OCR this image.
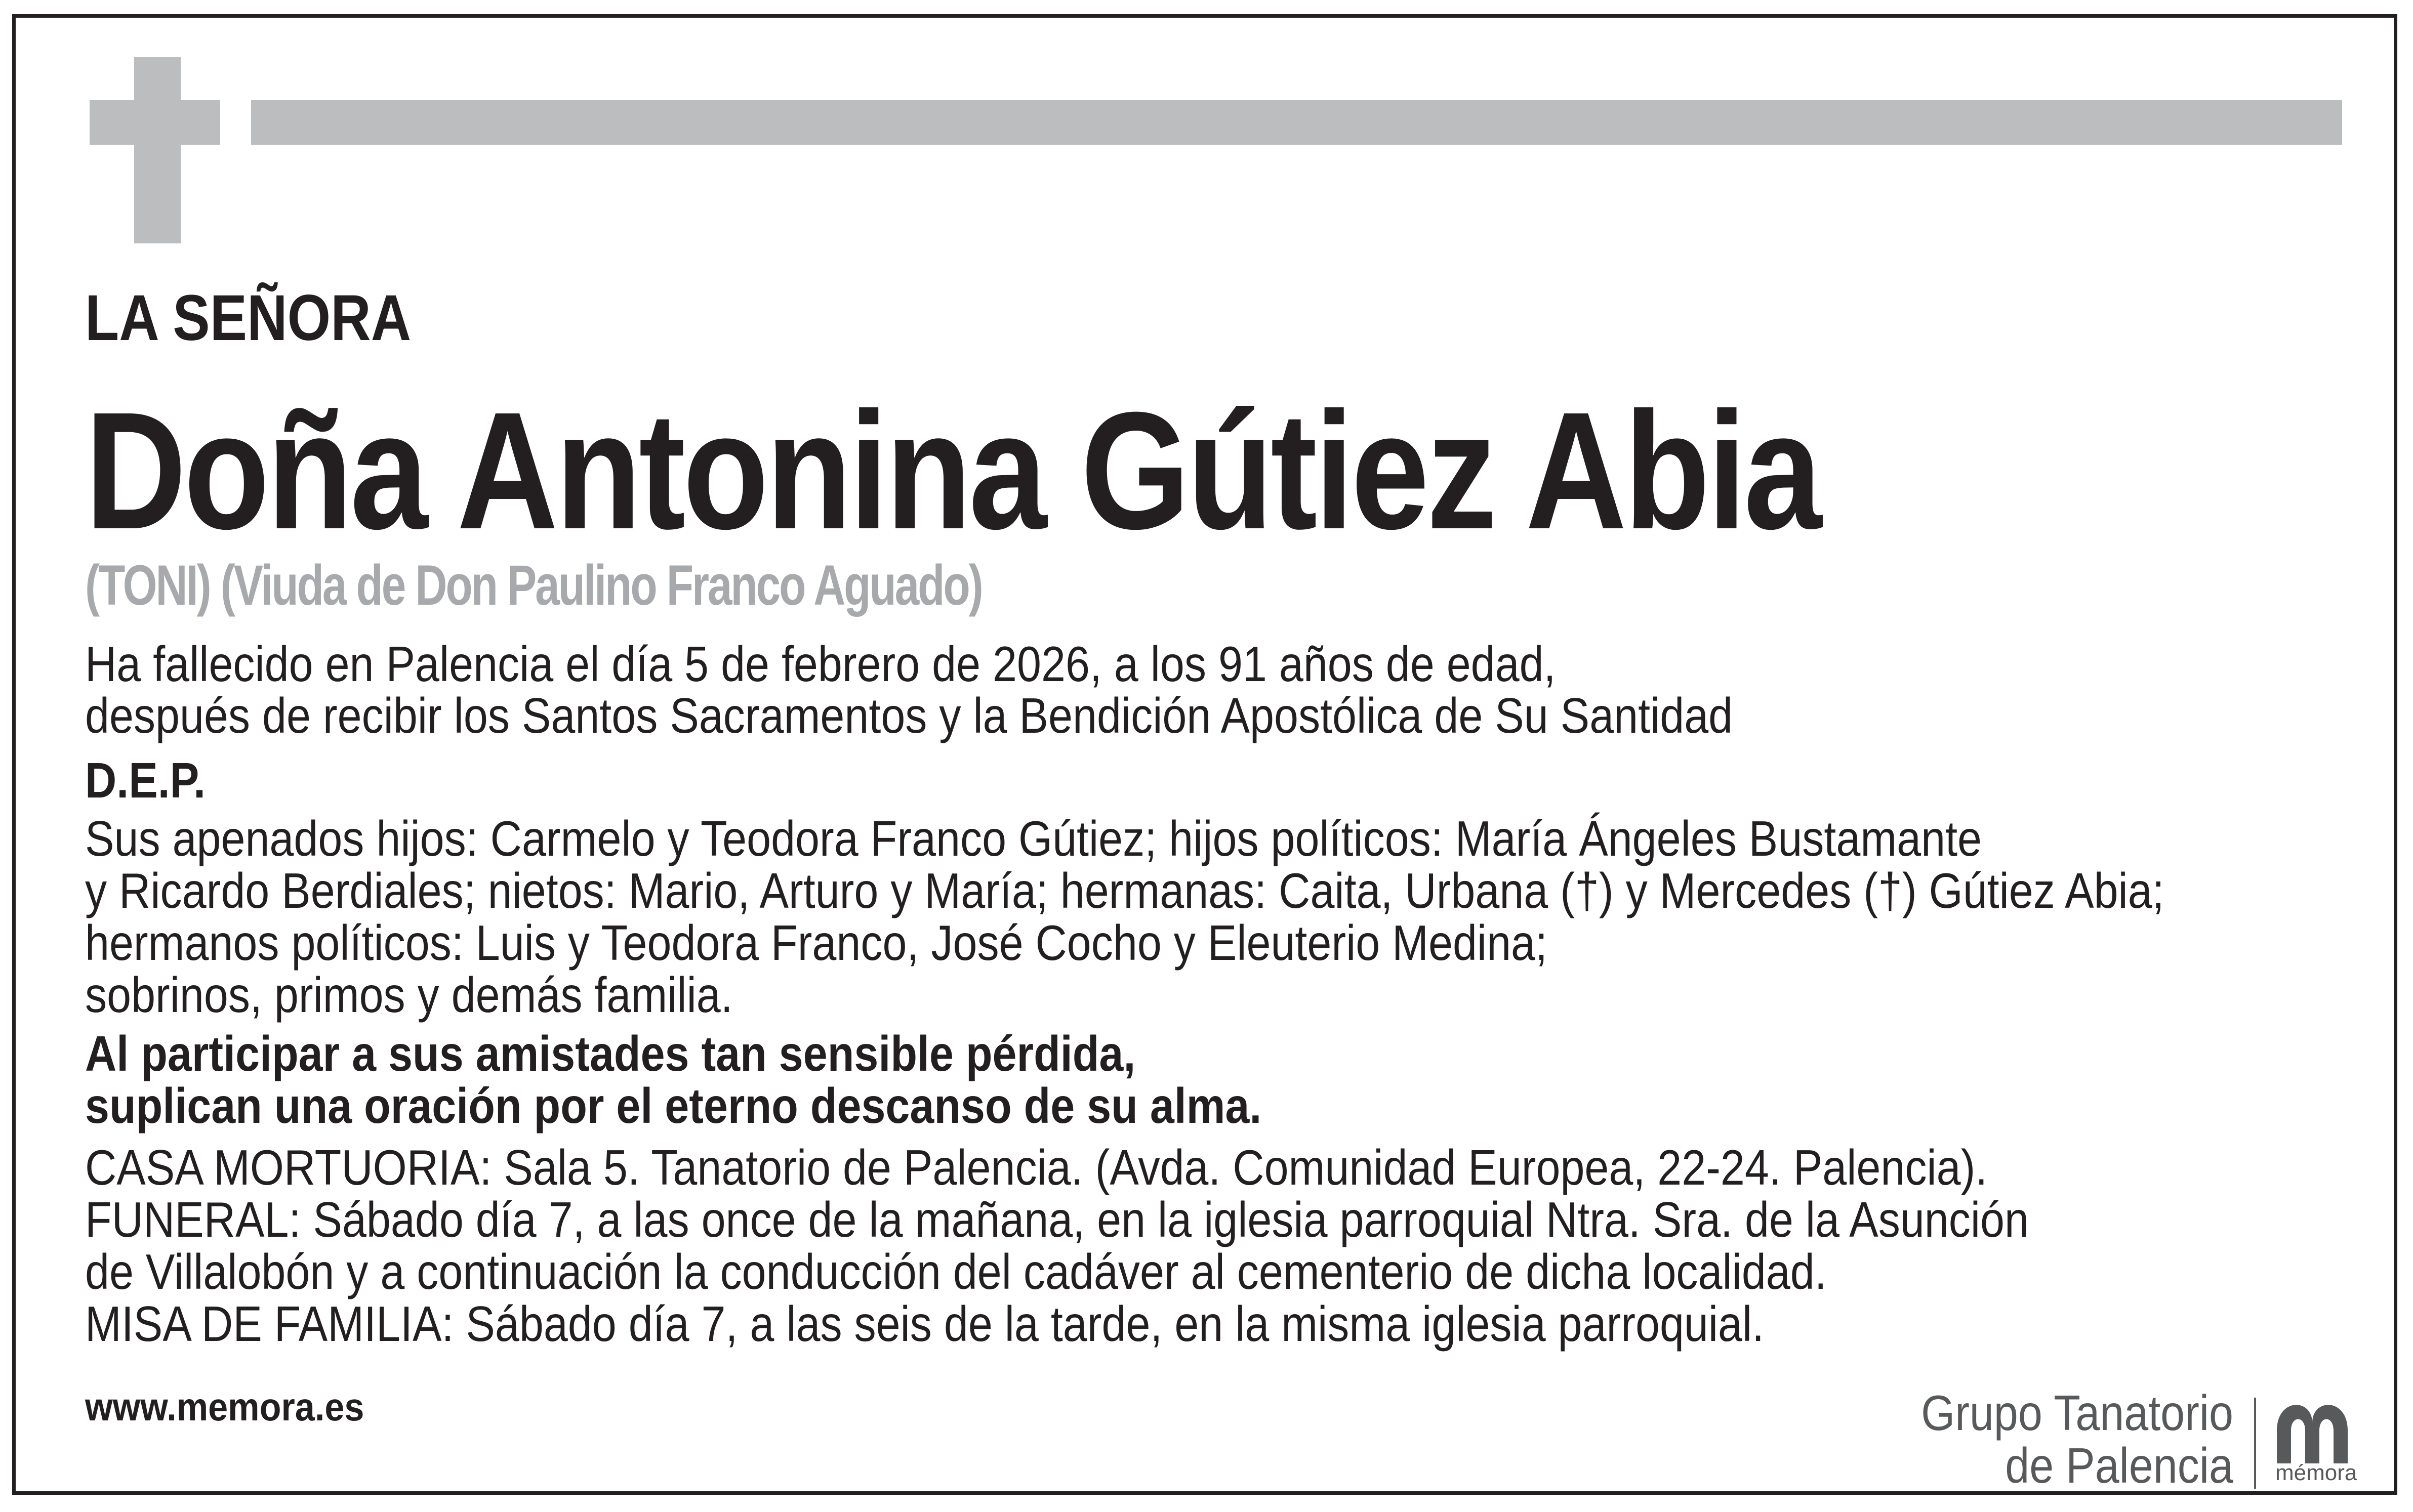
LA SEÑORA
Doña Antonina Gútiez Abia
(TONI) (Viuda de Don Paulino Franco Aguado)
Ha fallecido en Palencia el día 5 de febrero de 2026, a los 91 años de edad,
después de recibir los Santos Sacramentos y la Bendición Apostólica de Su Santidad
D.E.P.
Sus apenados hijos: Carmelo y Teodora Franco Gútiez; hijos políticos: María Ángeles Bustamante
y Ricardo Berdiales; nietos: Mario, Arturo y María; hermanas: Caita, Urbana (†) y Mercedes (†) Gútiez Abia;
hermanos políticos: Luis y Teodora Franco, José Cocho y Eleuterio Medina;
sobrinos, primos y demás familia.
Al participar a sus amistades tan sensible pérdida,
suplican una oración por el eterno descanso de su alma.
CASA MORTUORIA: Sala 5. Tanatorio de Palencia. (Avda. Comunidad Europea, 22-24. Palencia).
FUNERAL: Sábado día 7, a las once de la mañana, en la iglesia parroquial Ntra. Sra. de la Asunción
de Villalobón y a continuación la conducción del cadáver al cementerio de dicha localidad.
MISA DE FAMILIA: Sábado día 7, a las seis de la tarde, en la misma iglesia parroquial.
www.memora.es	Grupo Tanatorio
de Palencia mémora
